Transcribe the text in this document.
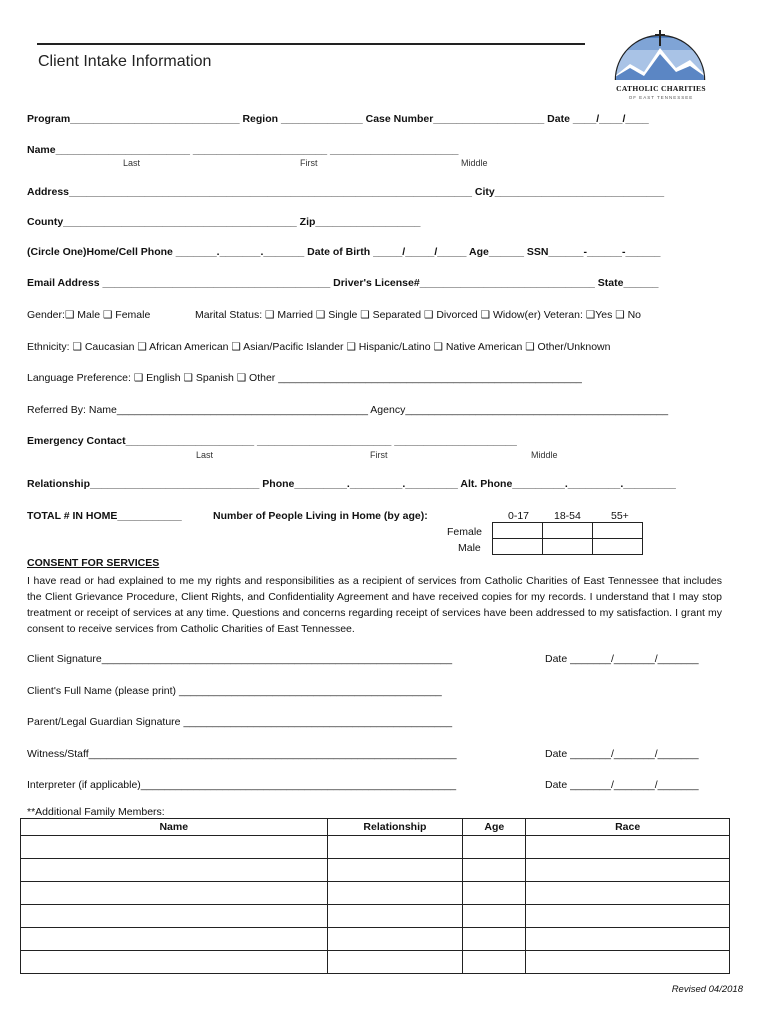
Client Intake Information
CATHOLIC CHARITIES
OF EAST TENNESSEE
Program_____________________________ Region ______________ Case Number___________________ Date ____/____/____
Name_______________________ _______________________ ______________________
Last	First	Middle
Address_____________________________________________________________________ City_____________________________
County________________________________________ Zip__________________
(Circle One)Home/Cell Phone _______._______._______ Date of Birth _____/_____/_____ Age______ SSN______-______-______
Email Address _______________________________________ Driver's License#______________________________ State______
Gender:❑ Male ❑ Female	Marital Status: ❑ Married ❑ Single ❑ Separated ❑ Divorced ❑ Widow(er) Veteran: ❑Yes ❑ No
Ethnicity: ❑ Caucasian ❑ African American ❑ Asian/Pacific Islander ❑ Hispanic/Latino ❑ Native American ❑ Other/Unknown
Language Preference: ❑ English ❑ Spanish ❑ Other ____________________________________________________
Referred By: Name___________________________________________ Agency_____________________________________________
Emergency Contact______________________ _______________________ _____________________
Last	First	Middle
Relationship_____________________________ Phone_________._________._________ Alt. Phone_________._________._________
TOTAL # IN HOME___________	Number of People Living in Home (by age):	0-17 18-54	55+
Female
Male

CONSENT FOR SERVICES
I have read or had explained to me my rights and responsibilities as a recipient of services from Catholic Charities of East Tennessee that includes the Client Grievance Procedure, Client Rights, and Confidentiality Agreement and have received copies for my records. I understand that I may stop treatment or receipt of services at any time. Questions and concerns regarding receipt of services have been addressed to my satisfaction. I grant my consent to receive services from Catholic Charities of East Tennessee.
Client Signature____________________________________________________________	Date _______/_______/_______
Client's Full Name (please print) _____________________________________________
Parent/Legal Guardian Signature ______________________________________________
Witness/Staff_______________________________________________________________	Date _______/_______/_______
Interpreter (if applicable)______________________________________________________	Date _______/_______/_______
**Additional Family Members:
Name	Relationship	Age	Race

Revised 04/2018
